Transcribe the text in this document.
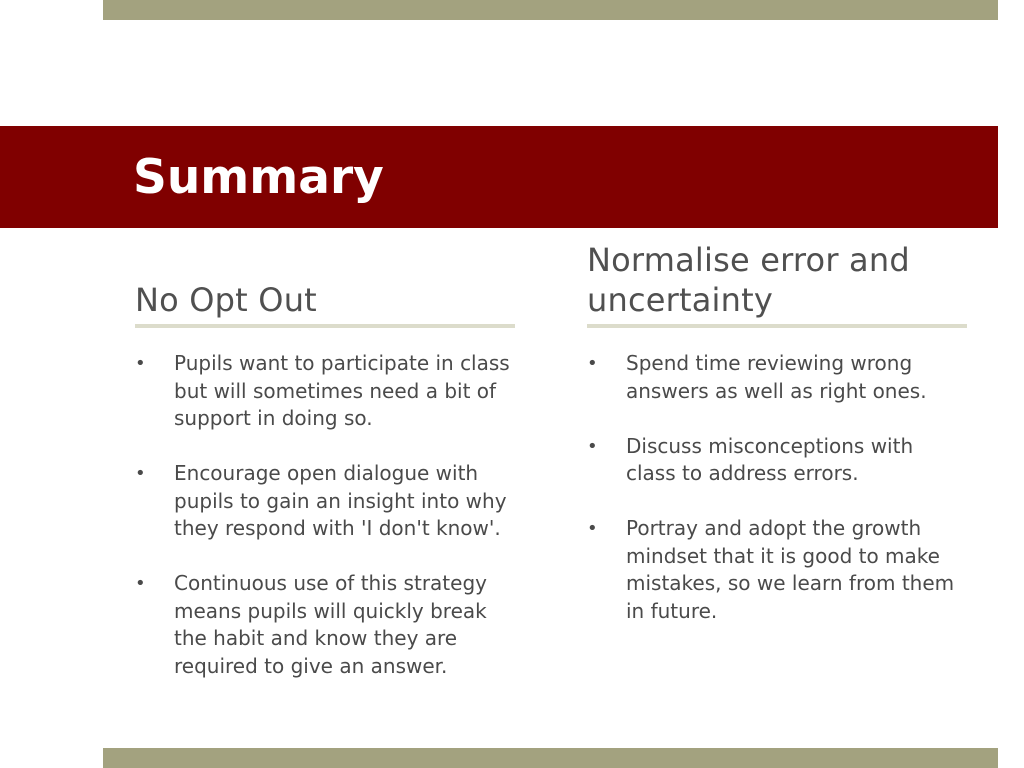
Summary
No Opt Out
• Pupils want to participate in class but will sometimes need a bit of support in doing so.
• Encourage open dialogue with pupils to gain an insight into why they respond with 'I don't know'.
• Continuous use of this strategy means pupils will quickly break the habit and know they are required to give an answer.
Normalise error and uncertainty
• Spend time reviewing wrong answers as well as right ones.
• Discuss misconceptions with class to address errors.
• Portray and adopt the growth mindset that it is good to make mistakes, so we learn from them in future.
